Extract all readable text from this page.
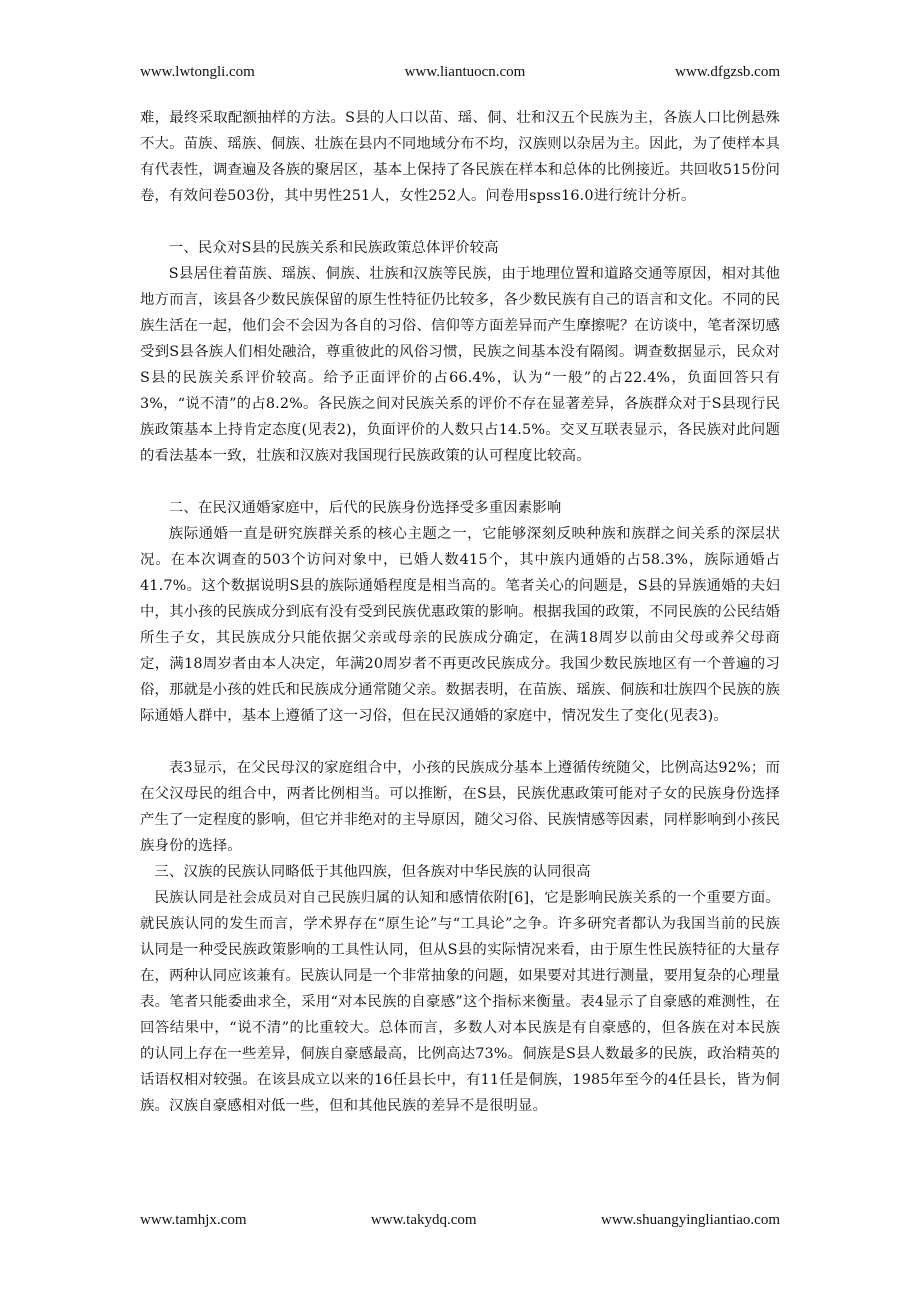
www.lwtongli.com	www.liantuocn.com	www.dfgzsb.com

难，最终采取配额抽样的方法。S县的人口以苗、瑶、侗、壮和汉五个民族为主，各族人口比例悬殊不大。苗族、瑶族、侗族、壮族在县内不同地域分布不均，汉族则以杂居为主。因此，为了使样本具有代表性，调查遍及各族的聚居区，基本上保持了各民族在样本和总体的比例接近。共回收515份问卷，有效问卷503份，其中男性251人，女性252人。问卷用spss16.0进行统计分析。

一、民众对S县的民族关系和民族政策总体评价较高

S县居住着苗族、瑶族、侗族、壮族和汉族等民族，由于地理位置和道路交通等原因，相对其他地方而言，该县各少数民族保留的原生性特征仍比较多，各少数民族有自己的语言和文化。不同的民族生活在一起，他们会不会因为各自的习俗、信仰等方面差异而产生摩擦呢？在访谈中，笔者深切感受到S县各族人们相处融洽，尊重彼此的风俗习惯，民族之间基本没有隔阂。调查数据显示，民众对S县的民族关系评价较高。给予正面评价的占66.4%，认为“一般”的占22.4%，负面回答只有3%，“说不清”的占8.2%。各民族之间对民族关系的评价不存在显著差异，各族群众对于S县现行民族政策基本上持肯定态度(见表2)，负面评价的人数只占14.5%。交叉互联表显示，各民族对此问题的看法基本一致，壮族和汉族对我国现行民族政策的认可程度比较高。

二、在民汉通婚家庭中，后代的民族身份选择受多重因素影响

族际通婚一直是研究族群关系的核心主题之一，它能够深刻反映种族和族群之间关系的深层状况。在本次调查的503个访问对象中，已婚人数415个，其中族内通婚的占58.3%，族际通婚占41.7%。这个数据说明S县的族际通婚程度是相当高的。笔者关心的问题是，S县的异族通婚的夫妇中，其小孩的民族成分到底有没有受到民族优惠政策的影响。根据我国的政策，不同民族的公民结婚所生子女，其民族成分只能依据父亲或母亲的民族成分确定，在满18周岁以前由父母或养父母商定，满18周岁者由本人决定，年满20周岁者不再更改民族成分。我国少数民族地区有一个普遍的习俗，那就是小孩的姓氏和民族成分通常随父亲。数据表明，在苗族、瑶族、侗族和壮族四个民族的族际通婚人群中，基本上遵循了这一习俗，但在民汉通婚的家庭中，情况发生了变化(见表3)。

表3显示，在父民母汉的家庭组合中，小孩的民族成分基本上遵循传统随父，比例高达92%；而在父汉母民的组合中，两者比例相当。可以推断，在S县，民族优惠政策可能对子女的民族身份选择产生了一定程度的影响，但它并非绝对的主导原因，随父习俗、民族情感等因素，同样影响到小孩民族身份的选择。

三、汉族的民族认同略低于其他四族，但各族对中华民族的认同很高

民族认同是社会成员对自己民族归属的认知和感情依附[6]，它是影响民族关系的一个重要方面。就民族认同的发生而言，学术界存在“原生论”与“工具论”之争。许多研究者都认为我国当前的民族认同是一种受民族政策影响的工具性认同，但从S县的实际情况来看，由于原生性民族特征的大量存在，两种认同应该兼有。民族认同是一个非常抽象的问题，如果要对其进行测量，要用复杂的心理量表。笔者只能委曲求全，采用“对本民族的自豪感”这个指标来衡量。表4显示了自豪感的难测性，在回答结果中，“说不清”的比重较大。总体而言，多数人对本民族是有自豪感的，但各族在对本民族的认同上存在一些差异，侗族自豪感最高，比例高达73%。侗族是S县人数最多的民族，政治精英的话语权相对较强。在该县成立以来的16任县长中，有11任是侗族，1985年至今的4任县长，皆为侗族。汉族自豪感相对低一些，但和其他民族的差异不是很明显。

www.tamhjx.com	www.takydq.com	www.shuangyingliantiao.com
